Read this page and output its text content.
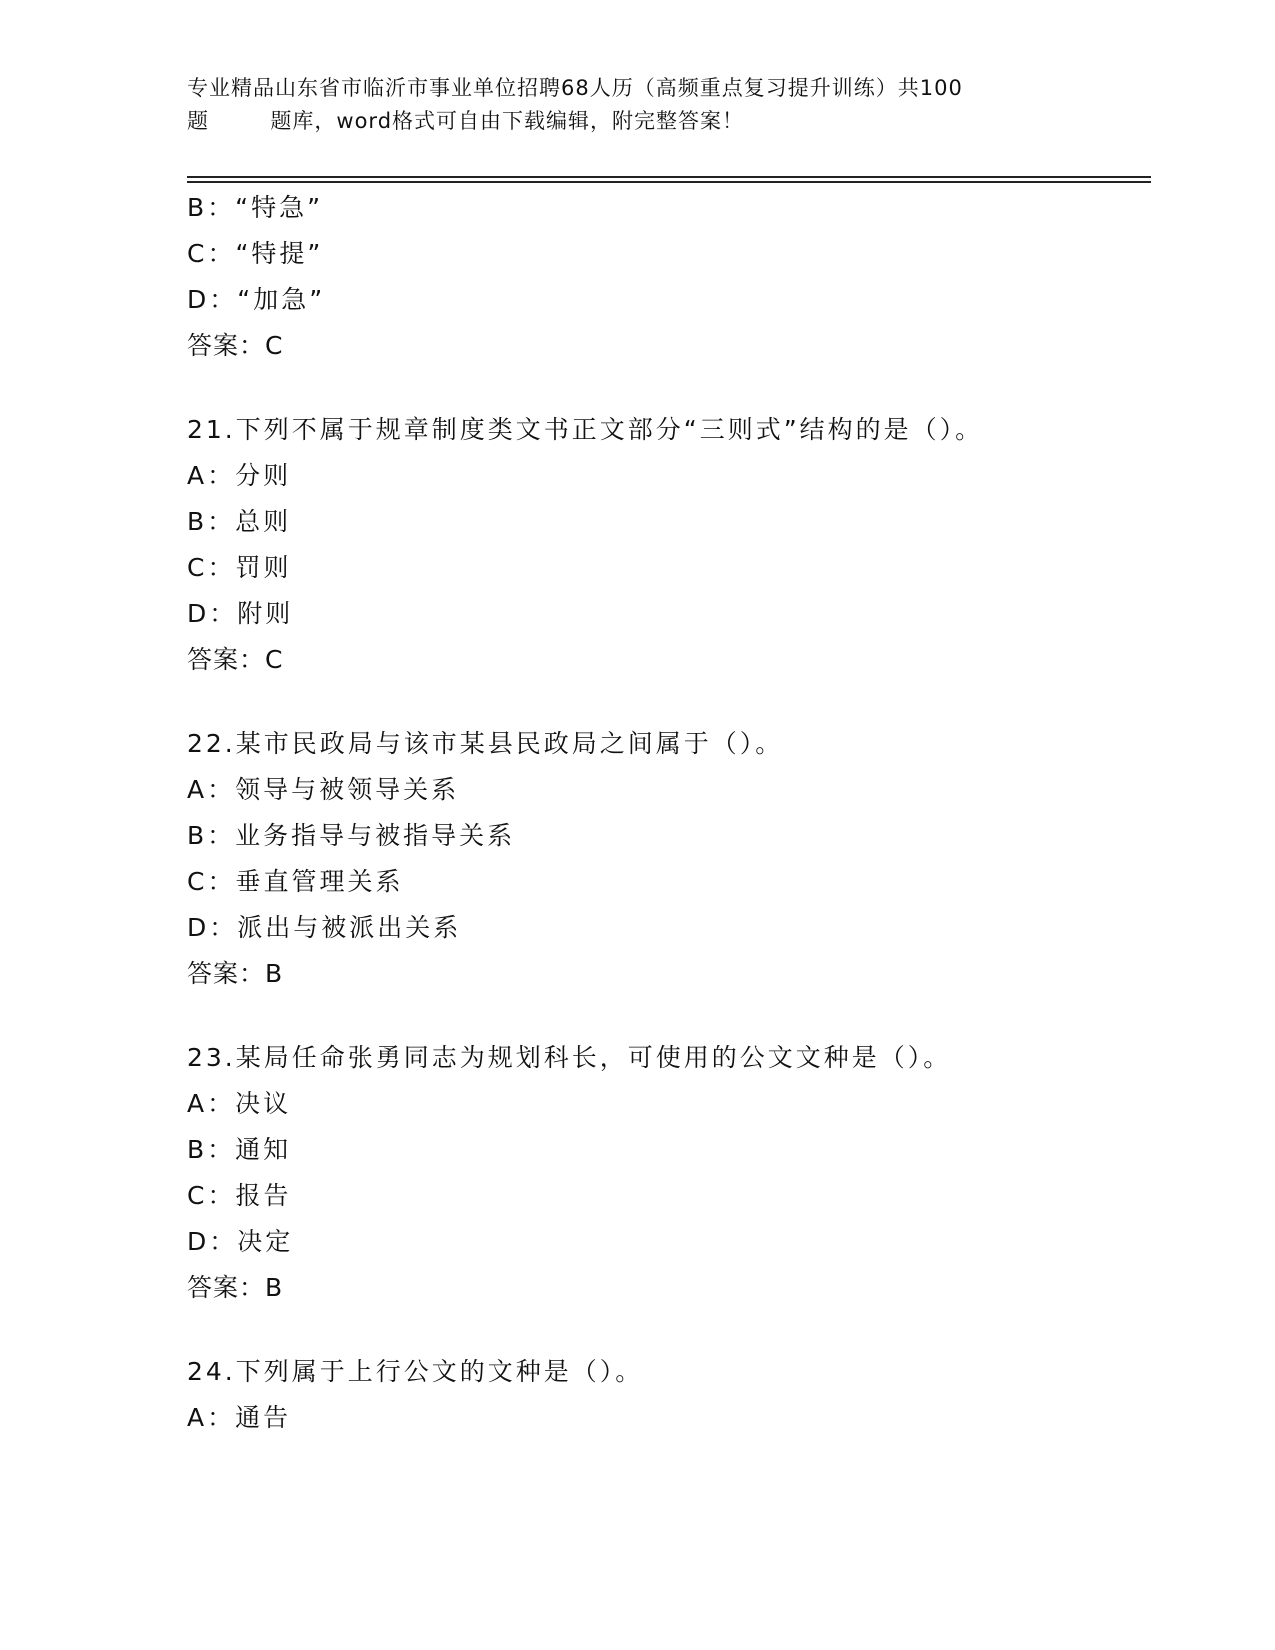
专业精品山东省市临沂市事业单位招聘68人历（高频重点复习提升训练）共100
题        题库，word格式可自由下载编辑，附完整答案！
B：“特急”
C：“特提”
D：“加急”
答案：C
21.下列不属于规章制度类文书正文部分“三则式”结构的是（）。
A：分则
B：总则
C：罚则
D：附则
答案：C
22.某市民政局与该市某县民政局之间属于（）。
A：领导与被领导关系
B：业务指导与被指导关系
C：垂直管理关系
D：派出与被派出关系
答案：B
23.某局任命张勇同志为规划科长，可使用的公文文种是（）。
A：决议
B：通知
C：报告
D：决定
答案：B
24.下列属于上行公文的文种是（）。
A：通告
